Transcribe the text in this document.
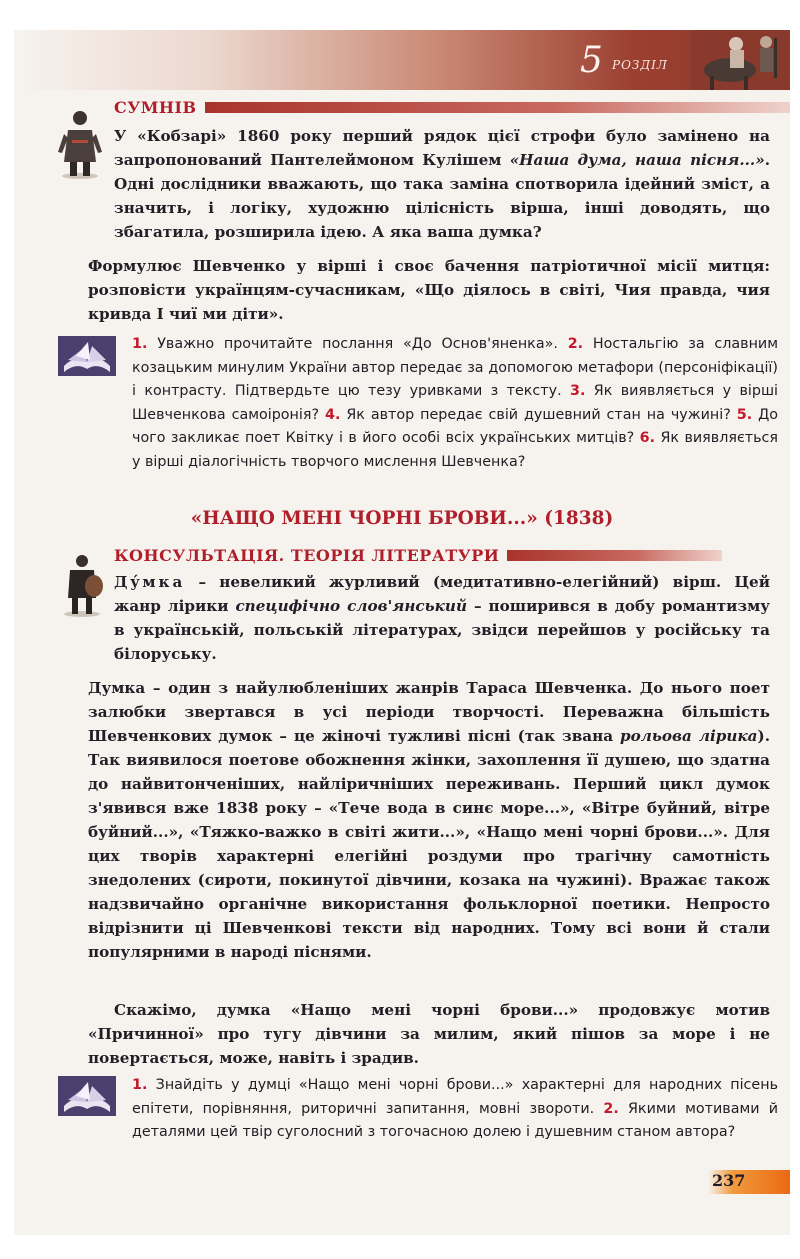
5 РОЗДІЛ
СУМНІВ

У «Кобзарі» 1860 року перший рядок цієї строфи було замінено на запропонований Пантелеймоном Кулішем «Наша дума, наша пісня...». Одні дослідники вважають, що така заміна спотворила ідейний зміст, а значить, і логіку, художню цілісність вірша, інші доводять, що збагатила, розширила ідею. А яка ваша думка?

Формулює Шевченко у вірші і своє бачення патріотичної місії митця: розповісти українцям-сучасникам, «Що діялось в світі, Чия правда, чия кривда І чиї ми діти».

1. Уважно прочитайте послання «До Основ'яненка». 2. Ностальгію за славним козацьким минулим України автор передає за допомогою метафори (персоніфікації) і контрасту. Підтвердьте цю тезу уривками з тексту. 3. Як виявляється у вірші Шевченкова самоіронія? 4. Як автор передає свій душевний стан на чужині? 5. До чого закликає поет Квітку і в його особі всіх українських митців? 6. Як виявляється у вірші діалогічність творчого мислення Шевченка?

«НАЩО МЕНІ ЧОРНІ БРОВИ...» (1838)
КОНСУЛЬТАЦІЯ. ТЕОРІЯ ЛІТЕРАТУРИ

Дýмка – невеликий журливий (медитативно-елегійний) вірш. Цей жанр лірики специфічно слов'янський – поширився в добу романтизму в українській, польській літературах, звідси перейшов у російську та білоруську.

Думка – один з найулюбленіших жанрів Тараса Шевченка. До нього поет залюбки звертався в усі періоди творчості. Переважна більшість Шевченкових думок – це жіночі тужливі пісні (так звана рольова лірика). Так виявилося поетове обожнення жінки, захоплення її душею, що здатна до найвитонченіших, найліричніших переживань. Перший цикл думок з'явився вже 1838 року – «Тече вода в синє море...», «Вітре буйний, вітре буйний...», «Тяжко-важко в світі жити...», «Нащо мені чорні брови...». Для цих творів характерні елегійні роздуми про трагічну самотність знедолених (сироти, покинутої дівчини, козака на чужині). Вражає також надзвичайно органічне використання фольклорної поетики. Непросто відрізнити ці Шевченкові тексти від народних. Тому всі вони й стали популярними в народі піснями.

Скажімо, думка «Нащо мені чорні брови...» продовжує мотив «Причинної» про тугу дівчини за милим, який пішов за море і не повертається, може, навіть і зрадив.

1. Знайдіть у думці «Нащо мені чорні брови...» характерні для народних пісень епітети, порівняння, риторичні запитання, мовні звороти. 2. Якими мотивами й деталями цей твір суголосний з тогочасною долею і душевним станом автора?

237
